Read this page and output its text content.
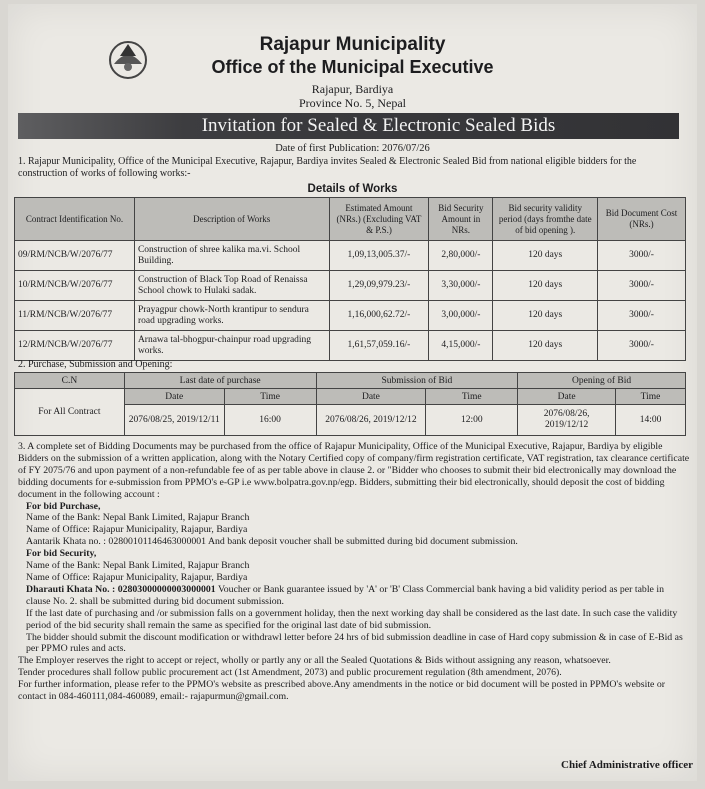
Rajapur Municipality
Office of the Municipal Executive
Rajapur, Bardiya
Province No. 5, Nepal
Invitation for Sealed & Electronic Sealed Bids
Date of first Publication: 2076/07/26
1. Rajapur Municipality, Office of the Municipal Executive, Rajapur, Bardiya invites Sealed & Electronic Sealed Bid from national eligible bidders for the construction of works of following works:-
Details of Works
Contract Identification No.	Description of Works	Estimated Amount (NRs.) (Excluding VAT & P.S.)	Bid Security Amount in NRs.	Bid security validity period (days fromthe date of bid opening ).	Bid Document Cost (NRs.)
09/RM/NCB/W/2076/77	Construction of shree kalika ma.vi. School Building.	1,09,13,005.37/-	2,80,000/-	120 days	3000/-
10/RM/NCB/W/2076/77	Construction of Black Top Road of Renaissa School chowk to Hulaki sadak.	1,29,09,979.23/-	3,30,000/-	120 days	3000/-
11/RM/NCB/W/2076/77	Prayagpur chowk-North krantipur to sendura road upgrading works.	1,16,000,62.72/-	3,00,000/-	120 days	3000/-
12/RM/NCB/W/2076/77	Arnawa tal-bhogpur-chainpur road upgrading works.	1,61,57,059.16/-	4,15,000/-	120 days	3000/-
2. Purchase, Submission and Opening:
C.N	Last date of purchase		Submission of Bid		Opening of Bid	
For All Contract	Date	Time	Date	Time	Date	Time
	2076/08/25, 2019/12/11	16:00	2076/08/26, 2019/12/12	12:00	2076/08/26, 2019/12/12	14:00

3. A complete set of Bidding Documents may be purchased from the office of Rajapur Municipality, Office of the Municipal Executive, Rajapur, Bardiya by eligible Bidders on the submission of a written application, along with the Notary Certified copy of company/firm registration certificate, VAT registration, tax clearance certificate of FY 2075/76 and upon payment of a non-refundable fee of as per table above in clause 2. or "Bidder who chooses to submit their bid electronically may download the bidding documents for e-submission from PPMO's e-GP i.e www.bolpatra.gov.np/egp. Bidders, submitting their bid electronically, should deposit the cost of bidding document in the following account :

For bid Purchase,

Name of the Bank: Nepal Bank Limited, Rajapur Branch

Name of Office: Rajapur Municipality, Rajapur, Bardiya

Aantarik Khata no. : 02800101146463000001 And bank deposit voucher shall be submitted during bid document submission.

For bid Security,

Name of the Bank: Nepal Bank Limited, Rajapur Branch

Name of Office: Rajapur Municipality, Rajapur, Bardiya

Dharauti Khata No. : 02803000000003000001 Voucher or Bank guarantee issued by 'A' or 'B' Class Commercial bank having a bid validity period as per table in clause No. 2. shall be submitted during bid document submission.

If the last date of purchasing and /or submission falls on a government holiday, then the next working day shall be considered as the last date. In such case the validity period of the bid security shall remain the same as specified for the original last date of bid submission.

The bidder should submit the discount modification or withdrawl letter before 24 hrs of bid submission deadline in case of Hard copy submission & in case of E-Bid as per PPMO rules and acts.

The Employer reserves the right to accept or reject, wholly or partly any or all the Sealed Quotations & Bids without assigning any reason, whatsoever.

Tender procedures shall follow public procurement act (1st Amendment, 2073) and public procurement regulation (8th amendment, 2076).

For further information, please refer to the PPMO's website as prescribed above.Any amendments in the notice or bid document will be posted in PPMO's website or contact in 084-460111,084-460089, email:- rajapurmun@gmail.com.

Chief Administrative officer
